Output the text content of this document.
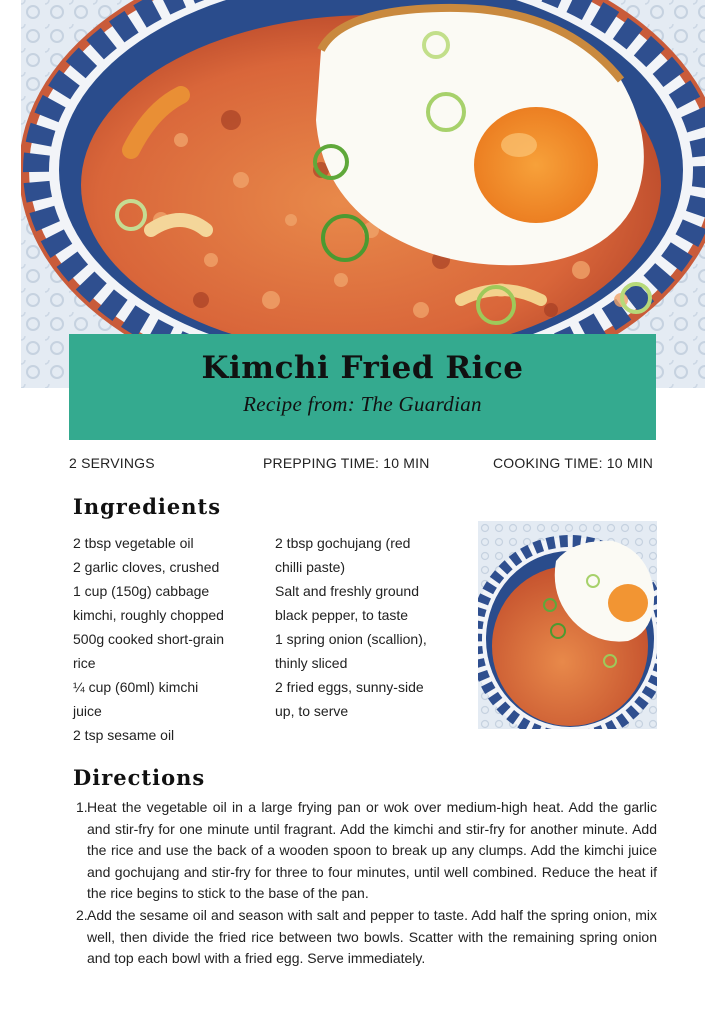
Kimchi Fried Rice
Recipe from: The Guardian
2 SERVINGS	PREPPING TIME: 10 MIN	COOKING TIME: 10 MIN
Ingredients
2 tbsp vegetable oil
2 garlic cloves, crushed
1 cup (150g) cabbage
kimchi, roughly chopped
500g cooked short-grain
rice
¼ cup (60ml) kimchi
juice
2 tsp sesame oil
2 tbsp gochujang (red
chilli paste)
Salt and freshly ground
black pepper, to taste
1 spring onion (scallion),
thinly sliced
2 fried eggs, sunny-side
up, to serve
Directions
1. Heat the vegetable oil in a large frying pan or wok over medium-high heat. Add the garlic and stir-fry for one minute until fragrant. Add the kimchi and stir-fry for another minute. Add the rice and use the back of a wooden spoon to break up any clumps. Add the kimchi juice and gochujang and stir-fry for three to four minutes, until well combined. Reduce the heat if the rice begins to stick to the base of the pan.
2. Add the sesame oil and season with salt and pepper to taste. Add half the spring onion, mix well, then divide the fried rice between two bowls. Scatter with the remaining spring onion and top each bowl with a fried egg. Serve immediately.
